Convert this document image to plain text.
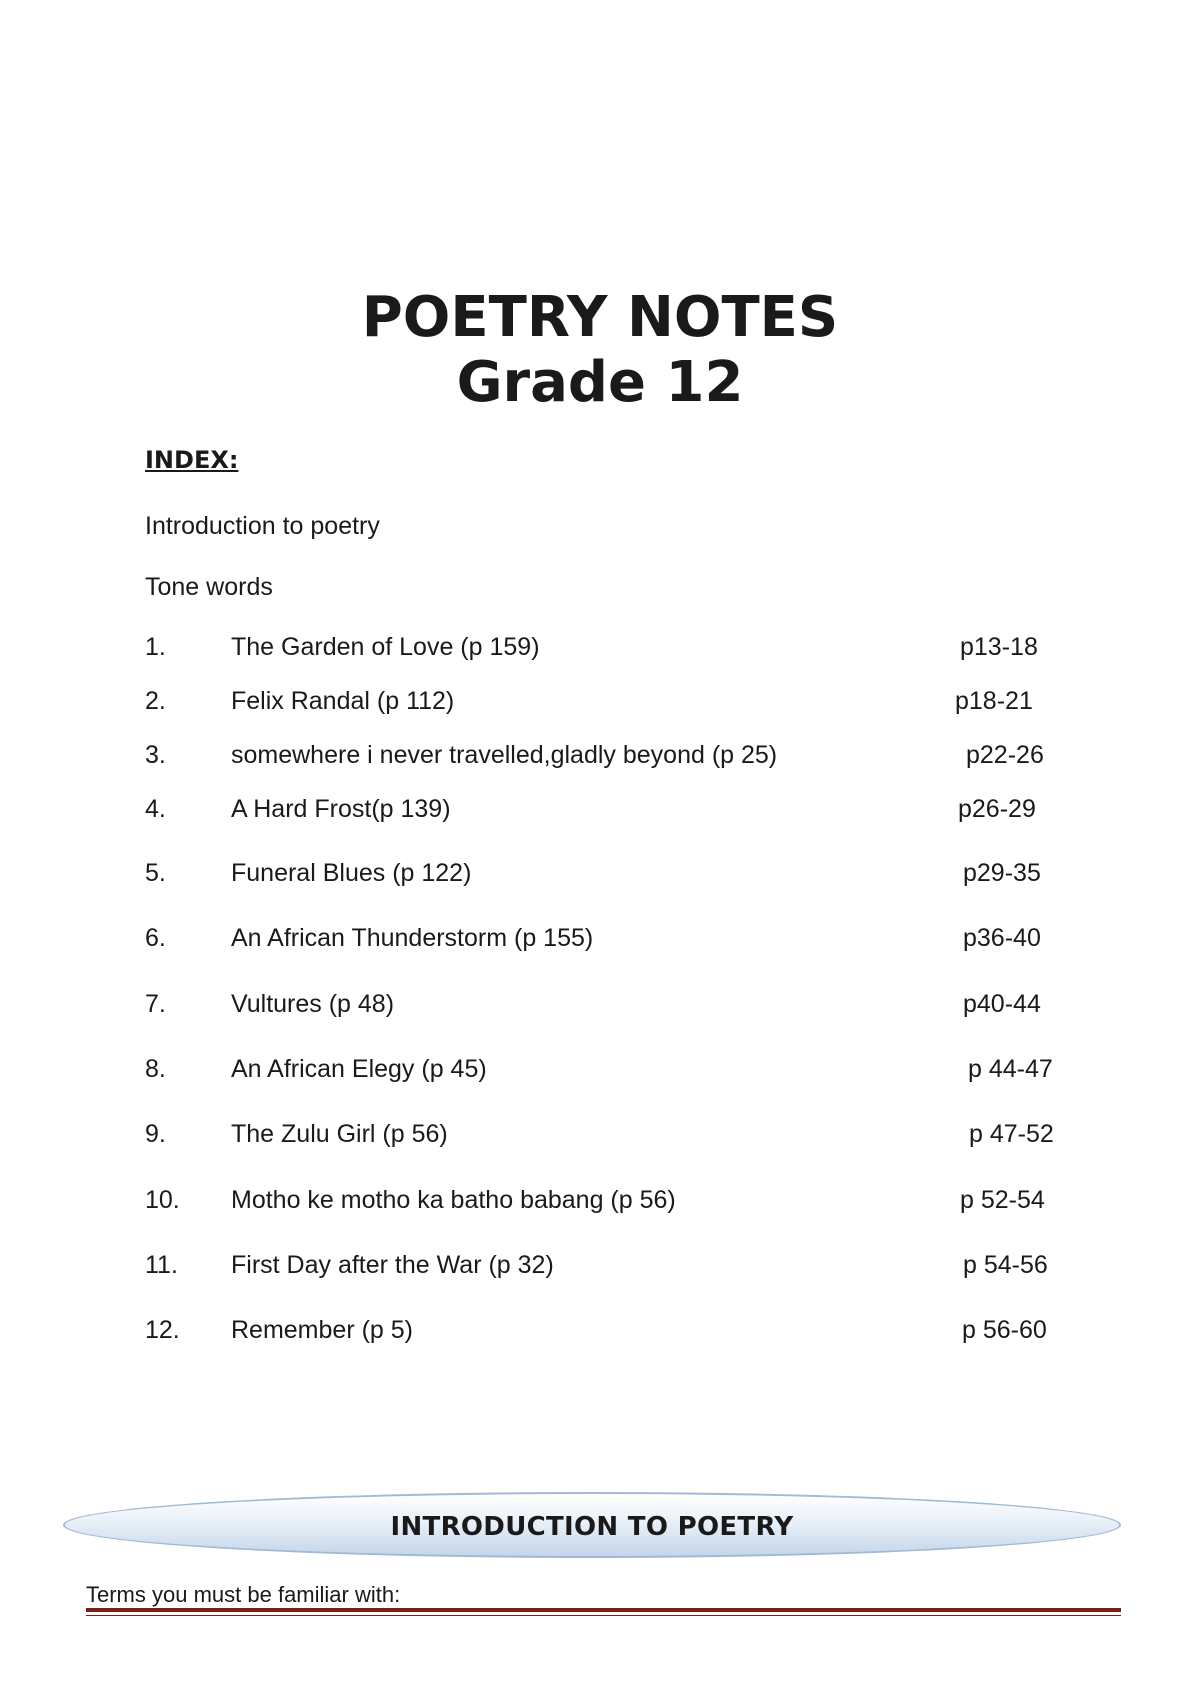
POETRY NOTES
Grade 12
INDEX:
Introduction to poetry
Tone words
1.	The Garden of Love (p 159)	p13-18
2.	Felix Randal (p 112)	p18-21
3.	somewhere i never travelled,gladly beyond (p 25)	p22-26
4.	A Hard Frost(p 139)	p26-29
5.	Funeral Blues (p 122)	p29-35
6.	An African Thunderstorm (p 155)	p36-40
7.	Vultures (p 48)	p40-44
8.	An African Elegy (p 45)	p 44-47
9.	The Zulu Girl (p 56)	p 47-52
10. Motho ke motho ka batho babang (p 56)	p 52-54
11. First Day after the War (p 32)	p 54-56
12. Remember (p 5)	p 56-60
INTRODUCTION TO POETRY
Terms you must be familiar with:
